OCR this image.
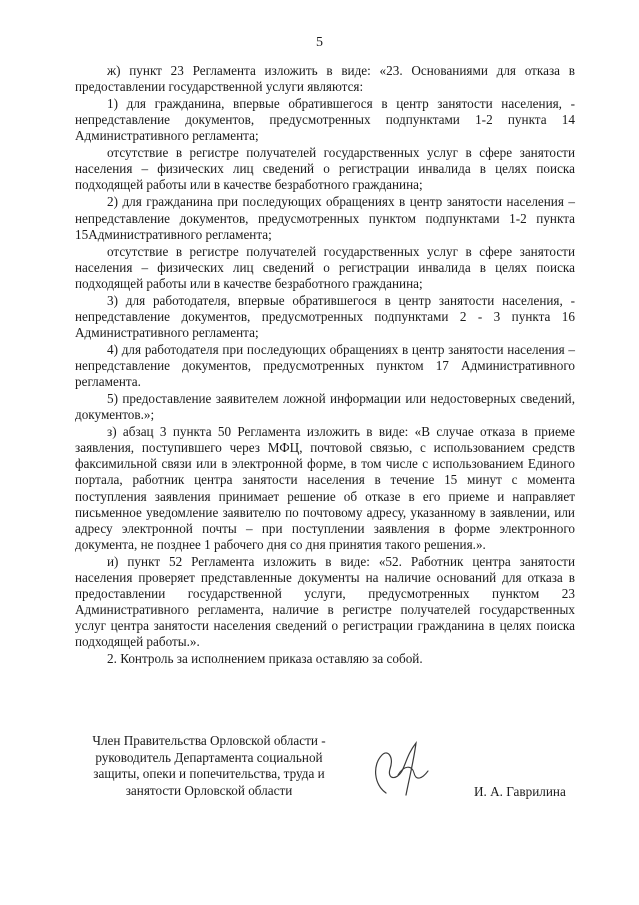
5

ж) пункт 23 Регламента изложить в виде: «23. Основаниями для отказа в предоставлении государственной услуги являются:

1) для гражданина, впервые обратившегося в центр занятости населения, - непредставление документов, предусмотренных подпунктами 1-2 пункта 14 Административного регламента;

отсутствие в регистре получателей государственных услуг в сфере занятости населения – физических лиц сведений о регистрации инвалида в целях поиска подходящей работы или в качестве безработного гражданина;

2) для гражданина при последующих обращениях в центр занятости населения – непредставление документов, предусмотренных пунктом подпунктами 1-2 пункта 15Административного регламента;

отсутствие в регистре получателей государственных услуг в сфере занятости населения – физических лиц сведений о регистрации инвалида в целях поиска подходящей работы или в качестве безработного гражданина;

3) для работодателя, впервые обратившегося в центр занятости населения, - непредставление документов, предусмотренных подпунктами 2 - 3 пункта 16 Административного регламента;

4) для работодателя при последующих обращениях в центр занятости населения – непредставление документов, предусмотренных пунктом 17 Административного регламента.

5) предоставление заявителем ложной информации или недостоверных сведений, документов.»;

з) абзац 3 пункта 50 Регламента изложить в виде: «В случае отказа в приеме заявления, поступившего через МФЦ, почтовой связью, с использованием средств факсимильной связи или в электронной форме, в том числе с использованием Единого портала, работник центра занятости населения в течение 15 минут с момента поступления заявления принимает решение об отказе в его приеме и направляет письменное уведомление заявителю по почтовому адресу, указанному в заявлении, или адресу электронной почты – при поступлении заявления в форме электронного документа, не позднее 1 рабочего дня со дня принятия такого решения.».

и) пункт 52 Регламента изложить в виде: «52. Работник центра занятости населения проверяет представленные документы на наличие оснований для отказа в предоставлении государственной услуги, предусмотренных пунктом 23 Административного регламента, наличие в регистре получателей государственных услуг центра занятости населения сведений о регистрации гражданина в целях поиска подходящей работы.».

2. Контроль за исполнением приказа оставляю за собой.

Член Правительства Орловской области -
руководитель Департамента социальной
защиты, опеки и попечительства, труда и
занятости Орловской области	И. А. Гаврилина
